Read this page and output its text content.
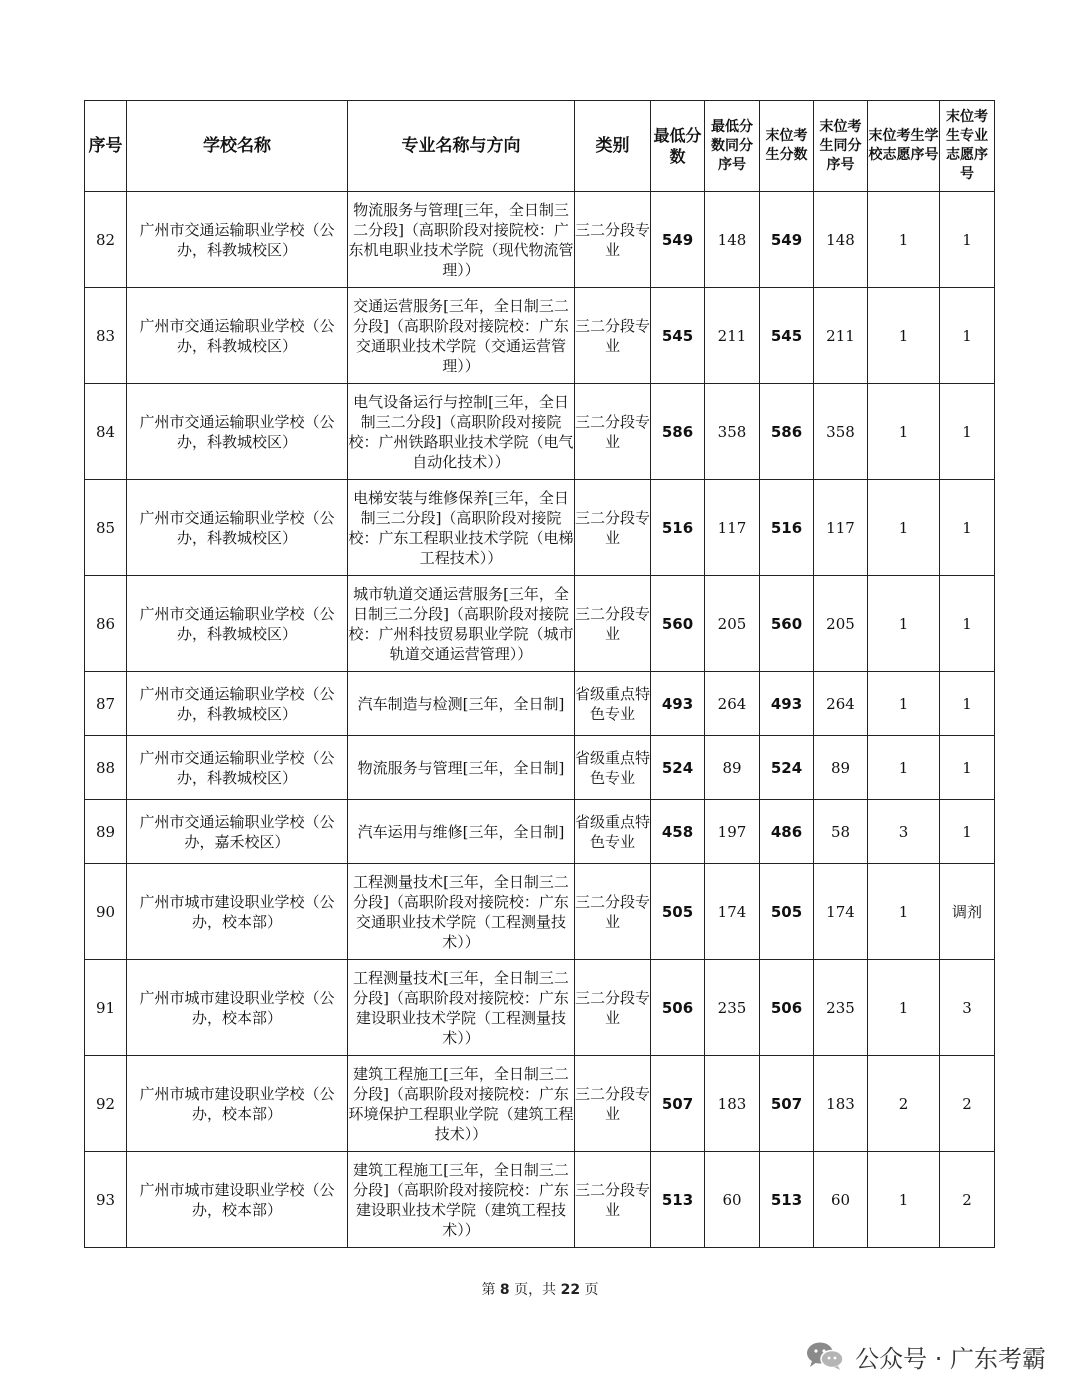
序号	学校名称	专业名称与方向	类别	最低分数	最低分数同分序号	末位考生分数	末位考生同分序号	末位考生学校志愿序号	末位考生专业志愿序号
82	广州市交通运输职业学校（公办，科教城校区）	物流服务与管理[三年，全日制三二分段]（高职阶段对接院校：广东机电职业技术学院（现代物流管理））	三二分段专业	549	148	549	148	1	1
83	广州市交通运输职业学校（公办，科教城校区）	交通运营服务[三年，全日制三二分段]（高职阶段对接院校：广东交通职业技术学院（交通运营管理））	三二分段专业	545	211	545	211	1	1
84	广州市交通运输职业学校（公办，科教城校区）	电气设备运行与控制[三年，全日制三二分段]（高职阶段对接院校：广州铁路职业技术学院（电气自动化技术））	三二分段专业	586	358	586	358	1	1
85	广州市交通运输职业学校（公办，科教城校区）	电梯安装与维修保养[三年，全日制三二分段]（高职阶段对接院校：广东工程职业技术学院（电梯工程技术））	三二分段专业	516	117	516	117	1	1
86	广州市交通运输职业学校（公办，科教城校区）	城市轨道交通运营服务[三年，全日制三二分段]（高职阶段对接院校：广州科技贸易职业学院（城市轨道交通运营管理））	三二分段专业	560	205	560	205	1	1
87	广州市交通运输职业学校（公办，科教城校区）	汽车制造与检测[三年，全日制]	省级重点特色专业	493	264	493	264	1	1
88	广州市交通运输职业学校（公办，科教城校区）	物流服务与管理[三年，全日制]	省级重点特色专业	524	89	524	89	1	1
89	广州市交通运输职业学校（公办，嘉禾校区）	汽车运用与维修[三年，全日制]	省级重点特色专业	458	197	486	58	3	1
90	广州市城市建设职业学校（公办，校本部）	工程测量技术[三年，全日制三二分段]（高职阶段对接院校：广东交通职业技术学院（工程测量技术））	三二分段专业	505	174	505	174	1	调剂
91	广州市城市建设职业学校（公办，校本部）	工程测量技术[三年，全日制三二分段]（高职阶段对接院校：广东建设职业技术学院（工程测量技术））	三二分段专业	506	235	506	235	1	3
92	广州市城市建设职业学校（公办，校本部）	建筑工程施工[三年，全日制三二分段]（高职阶段对接院校：广东环境保护工程职业学院（建筑工程技术））	三二分段专业	507	183	507	183	2	2
93	广州市城市建设职业学校（公办，校本部）	建筑工程施工[三年，全日制三二分段]（高职阶段对接院校：广东建设职业技术学院（建筑工程技术））	三二分段专业	513	60	513	60	1	2
第 8 页，共 22 页
公众号 · 广东考霸
